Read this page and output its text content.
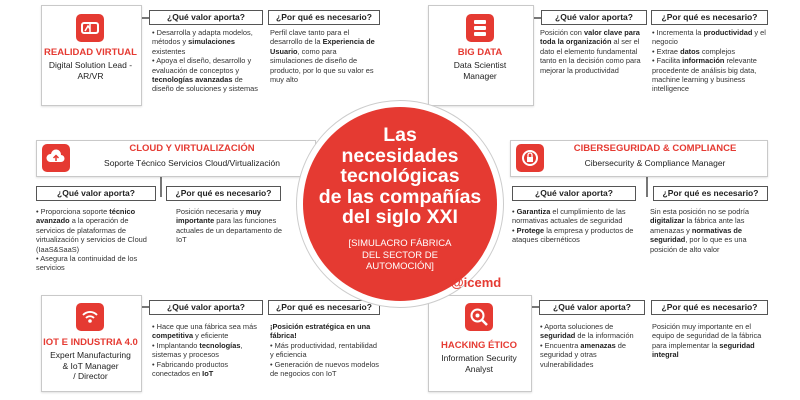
REALIDAD VIRTUAL
Digital Solution Lead -
AR/VR
¿Qué valor aporta?
• Desarrolla y adapta modelos, métodos y simulaciones existentes
• Apoya el diseño, desarrollo y evaluación de conceptos y tecnologías avanzadas de diseño de soluciones y sistemas
¿Por qué es necesario?
Perfil clave tanto para el desarrollo de la Experiencia de Usuario, como para simulaciones de diseño de producto, por lo que su valor es muy alto
BIG DATA
Data Scientist
Manager
¿Qué valor aporta?
Posición con valor clave para toda la organización al ser el dato el elemento fundamental tanto en la decisión como para mejorar la productividad
¿Por qué es necesario?
• Incrementa la productividad y el negocio
• Extrae datos complejos
• Facilita información relevante procedente de análisis big data, machine learning y business intelligence
CLOUD Y VIRTUALIZACIÓN
Soporte Técnico Servicios Cloud/Virtualización
¿Qué valor aporta?
• Proporciona soporte técnico avanzado a la operación de servicios de plataformas de virtualización y servicios de Cloud (IaaS&SaaS)
• Asegura la continuidad de los servicios
¿Por qué es necesario?
Posición necesaria y muy importante para las funciones actuales de un departamento de IoT
CIBERSEGURIDAD & COMPLIANCE
Cibersecurity & Compliance Manager
¿Qué valor aporta?
• Garantiza el cumplimiento de las normativas actuales de seguridad
• Protege la empresa y productos de ataques cibernéticos
¿Por qué es necesario?
Sin esta posición no se podría digitalizar la fábrica ante las amenazas y normativas de seguridad, por lo que es una posición de alto valor
IOT E INDUSTRIA 4.0
Expert Manufacturing
& IoT Manager
/ Director
¿Qué valor aporta?
• Hace que una fábrica sea más competitiva y eficiente
• Implantando tecnologías, sistemas y procesos
• Fabricando productos conectados en IoT
¿Por qué es necesario?
¡Posición estratégica en una fábrica!
• Más productividad, rentabilidad y eficiencia
• Generación de nuevos modelos de negocios con IoT
HACKING ÉTICO
Information Security
Analyst
¿Qué valor aporta?
• Aporta soluciones de seguridad de la información
• Encuentra amenazas de seguridad y otras vulnerabilidades
¿Por qué es necesario?
Posición muy importante en el equipo de seguridad de la fábrica para implementar la seguridad integral
Las
necesidades
tecnológicas
de las compañías
del siglo XXI
[SIMULACRO FÁBRICA
DEL SECTOR DE
AUTOMOCIÓN]
@icemd
